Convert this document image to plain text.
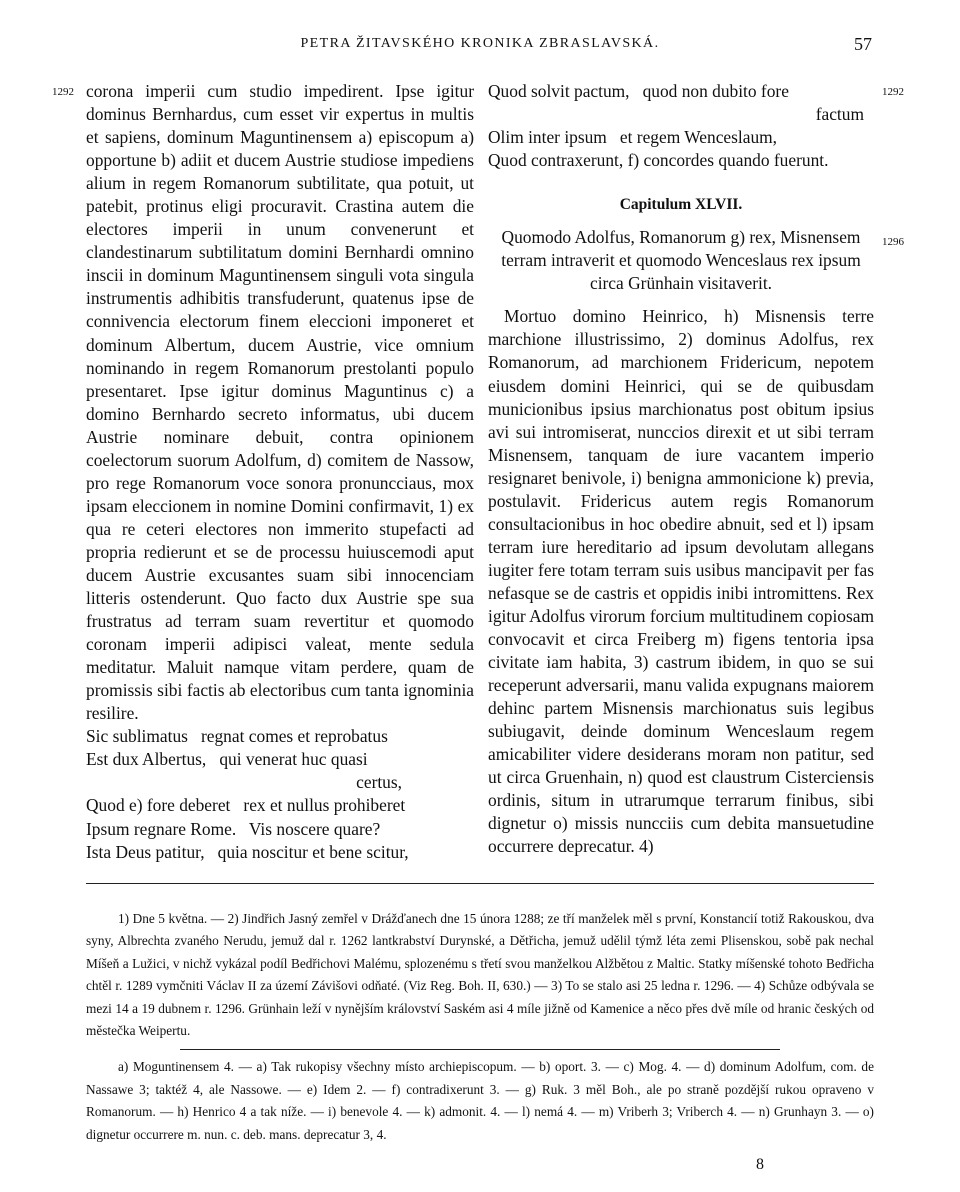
PETRA ŽITAVSKÉHO KRONIKA ZBRASLAVSKÁ.	57
1292	1292
1296

corona imperii cum studio impedirent. Ipse igitur dominus Bernhardus, cum esset vir expertus in multis et sapiens, dominum Maguntinensem a) episcopum a) opportune b) adiit et ducem Austrie studiose impediens alium in regem Romanorum subtilitate, qua potuit, ut patebit, protinus eligi procuravit. Crastina autem die electores imperii in unum convenerunt et clandestinarum subtilitatum domini Bernhardi omnino inscii in dominum Maguntinensem singuli vota singula instrumentis adhibitis transfuderunt, quatenus ipse de connivencia electorum finem eleccioni imponeret et dominum Albertum, ducem Austrie, vice omnium nominando in regem Romanorum prestolanti populo presentaret. Ipse igitur dominus Maguntinus c) a domino Bernhardo secreto informatus, ubi ducem Austrie nominare debuit, contra opinionem coelectorum suorum Adolfum, d) comitem de Nassow, pro rege Romanorum voce sonora pronuncciaus, mox ipsam eleccionem in nomine Domini confirmavit, 1) ex qua re ceteri electores non immerito stupefacti ad propria redierunt et se de processu huiuscemodi aput ducem Austrie excusantes suam sibi innocenciam litteris ostenderunt. Quo facto dux Austrie spe sua frustratus ad terram suam revertitur et quomodo coronam imperii adipisci valeat, mente sedula meditatur. Maluit namque vitam perdere, quam de promissis sibi factis ab electoribus cum tanta ignominia resilire.

Sic sublimatus   regnat comes et reprobatus
Est dux Albertus,   qui venerat huc quasi
certus,
Quod e) fore deberet   rex et nullus prohiberet
Ipsum regnare Rome.   Vis noscere quare?
Ista Deus patitur,   quia noscitur et bene scitur,
Quod solvit pactum,   quod non dubito fore
factum
Olim inter ipsum   et regem Wenceslaum,
Quod contraxerunt, f) concordes quando fuerunt.
Capitulum XLVII.

Quomodo Adolfus, Romanorum g) rex, Misnensem terram intraverit et quomodo Wenceslaus rex ipsum circa Grünhain visitaverit.

Mortuo domino Heinrico, h) Misnensis terre marchione illustrissimo, 2) dominus Adolfus, rex Romanorum, ad marchionem Fridericum, nepotem eiusdem domini Heinrici, qui se de quibusdam municionibus ipsius marchionatus post obitum ipsius avi sui intromiserat, nunccios direxit et ut sibi terram Misnensem, tanquam de iure vacantem imperio resignaret benivole, i) benigna ammonicione k) previa, postulavit. Fridericus autem regis Romanorum consultacionibus in hoc obedire abnuit, sed et l) ipsam terram iure hereditario ad ipsum devolutam allegans iugiter fere totam terram suis usibus mancipavit per fas nefasque se de castris et oppidis inibi intromittens. Rex igitur Adolfus virorum forcium multitudinem copiosam convocavit et circa Freiberg m) figens tentoria ipsa civitate iam habita, 3) castrum ibidem, in quo se sui receperunt adversarii, manu valida expugnans maiorem dehinc partem Misnensis marchionatus suis legibus subiugavit, deinde dominum Wenceslaum regem amicabiliter videre desiderans moram non patitur, sed ut circa Gruenhain, n) quod est claustrum Cisterciensis ordinis, situm in utrarumque terrarum finibus, sibi dignetur o) missis nuncciis cum debita mansuetudine occurrere deprecatur. 4)

1) Dne 5 května. — 2) Jindřich Jasný zemřel v Drážďanech dne 15 února 1288; ze tří manželek měl s první, Konstancií totiž Rakouskou, dva syny, Albrechta zvaného Nerudu, jemuž dal r. 1262 lantkrabství Durynské, a Dětřicha, jemuž udělil týmž léta zemi Plisenskou, sobě pak nechal Míšeň a Lužici, v nichž vykázal podíl Bedřichovi Malému, splozenému s třetí svou manželkou Alžbětou z Maltic. Statky míšenské tohoto Bedřicha chtěl r. 1289 vymčniti Václav II za území Závišovi odňaté. (Viz Reg. Boh. II, 630.) — 3) To se stalo asi 25 ledna r. 1296. — 4) Schůze odbývala se mezi 14 a 19 dubnem r. 1296. Grünhain leží v nynějším království Saském asi 4 míle jižně od Kamenice a něco přes dvě míle od hranic českých od městečka Weipertu.

a) Moguntinensem 4. — a) Tak rukopisy všechny místo archiepiscopum. — b) oport. 3. — c) Mog. 4. — d) dominum Adolfum, com. de Nassawe 3; taktéž 4, ale Nassowe. — e) Idem 2. — f) contradixerunt 3. — g) Ruk. 3 měl Boh., ale po straně pozdější rukou opraveno v Romanorum. — h) Henrico 4 a tak níže. — i) benevole 4. — k) admonit. 4. — l) nemá 4. — m) Vriberh 3; Vriberch 4. — n) Grunhayn 3. — o) dignetur occurrere m. nun. c. deb. mans. deprecatur 3, 4.

8
